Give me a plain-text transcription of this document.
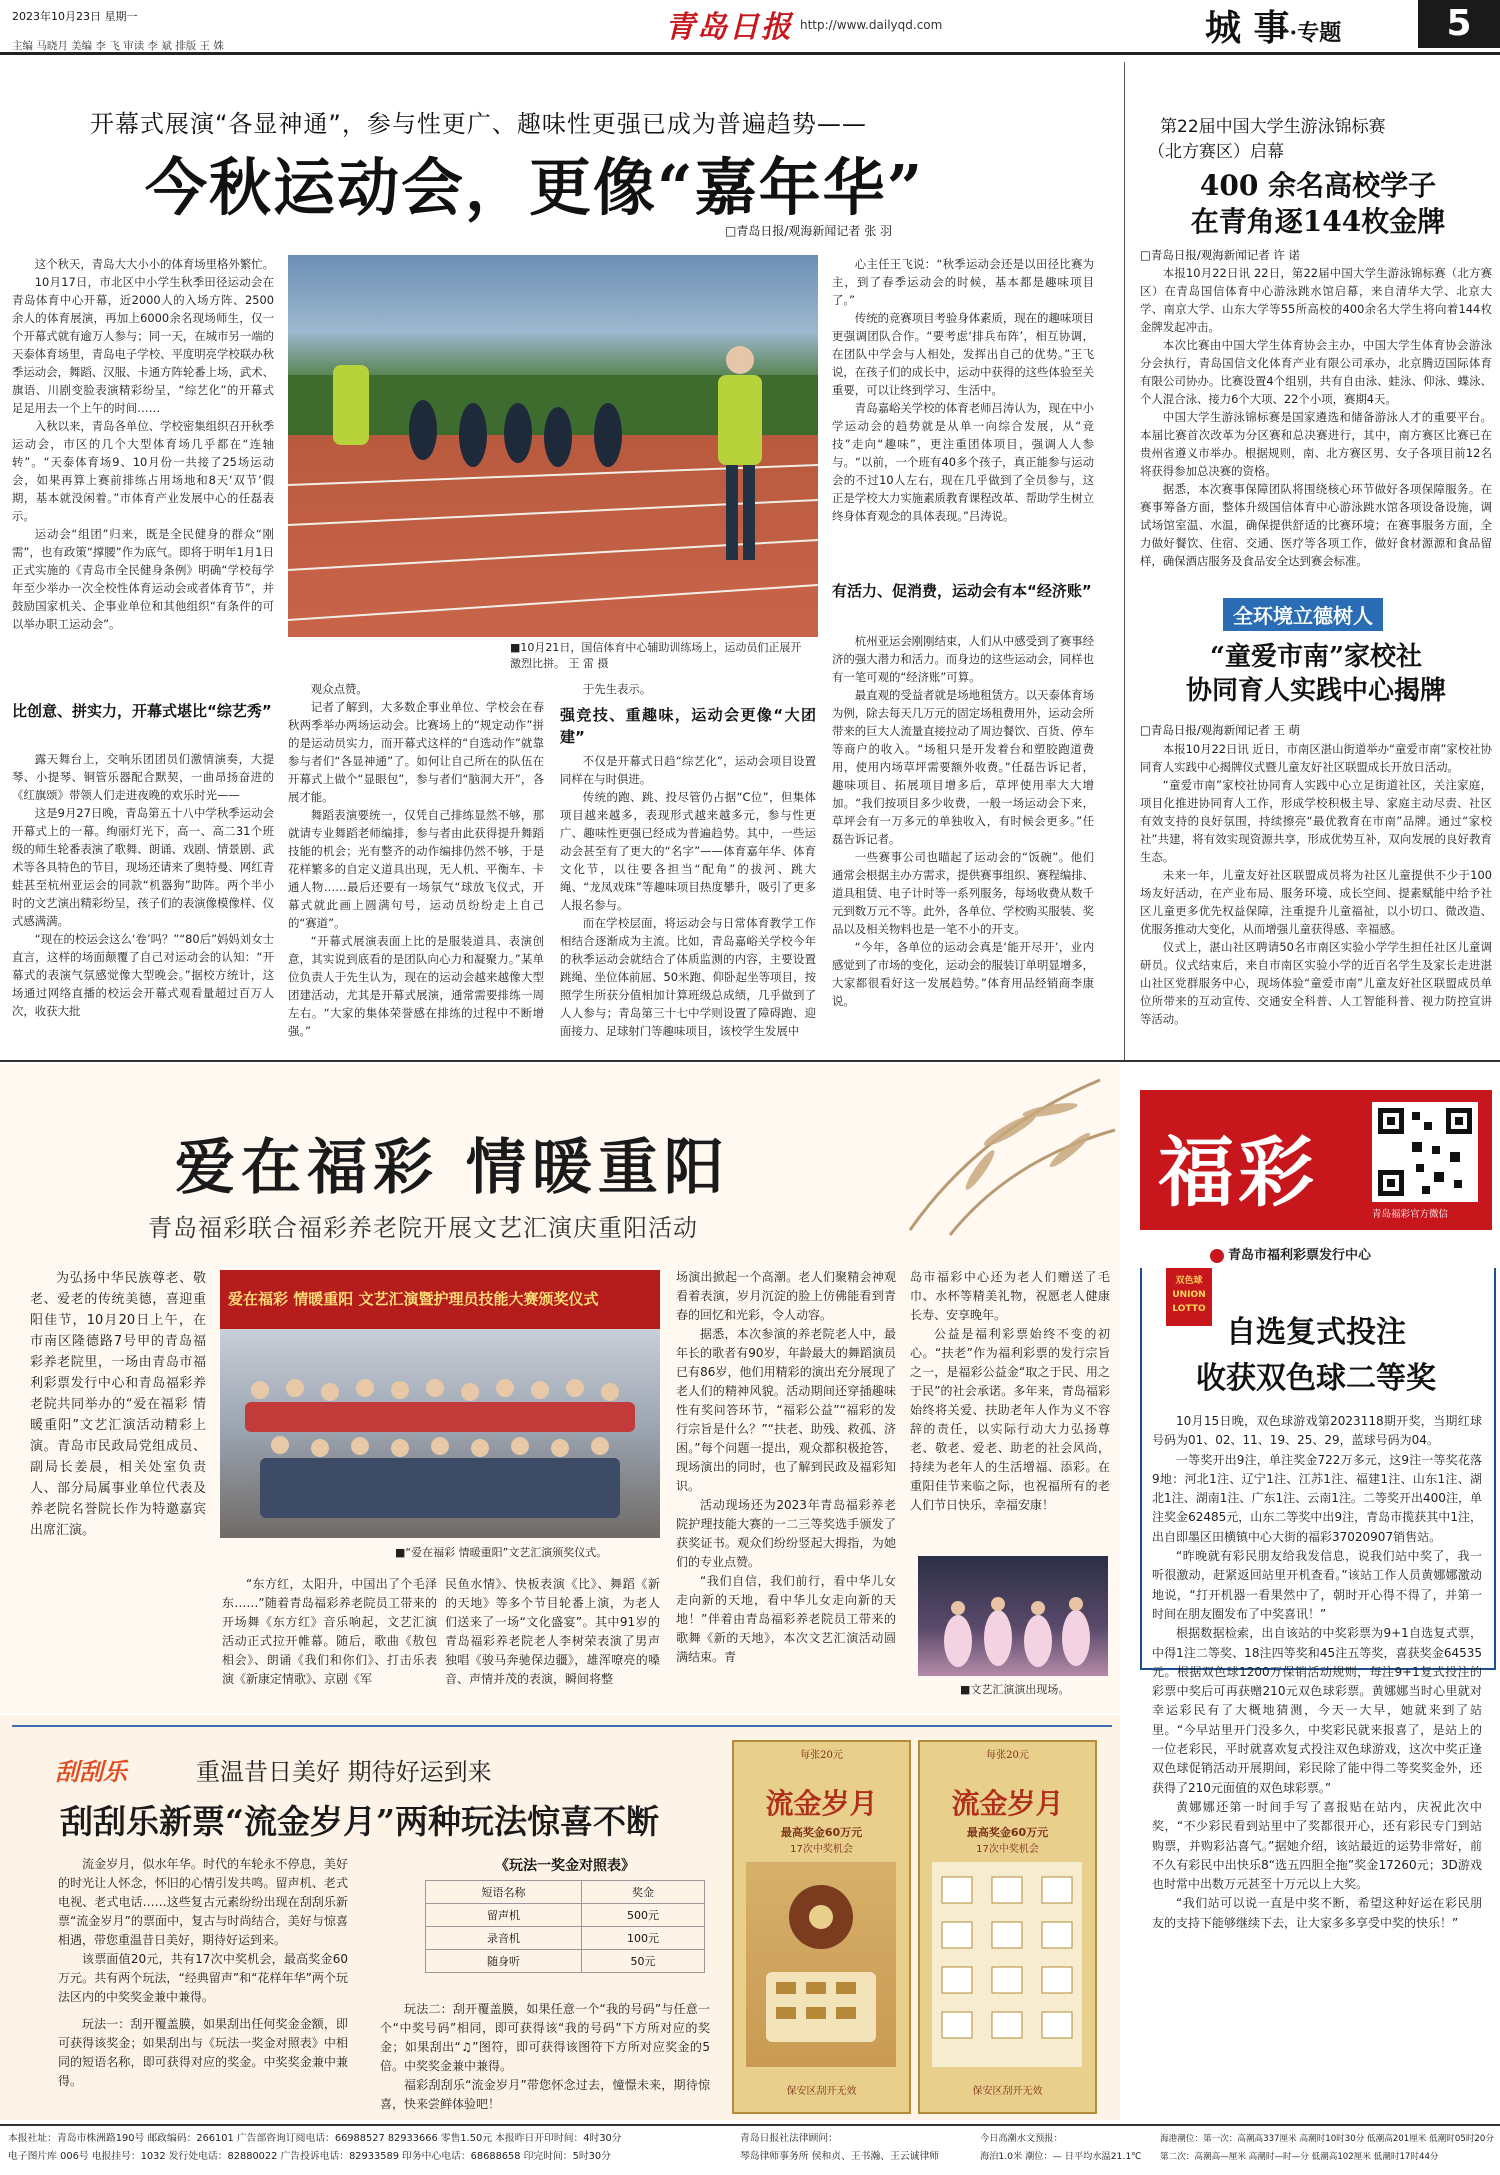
2023年10月23日 星期一
主编 马晓月 美编 李 飞 审读 李 斌 排版 王 姝
青岛日报 http://www.dailyqd.com	城 事·专题	5
开幕式展演“各显神通”，参与性更广、趣味性更强已成为普遍趋势——
今秋运动会，更像“嘉年华”
□青岛日报/观海新闻记者 张 羽

这个秋天，青岛大大小小的体育场里格外繁忙。

10月17日，市北区中小学生秋季田径运动会在青岛体育中心开幕，近2000人的入场方阵、2500余人的体育展演，再加上6000余名现场师生，仅一个开幕式就有逾万人参与；同一天，在城市另一端的天泰体育场里，青岛电子学校、平度明亮学校联办秋季运动会，舞蹈、汉服、卡通方阵轮番上场，武术、旗语、川剧变脸表演精彩纷呈，“综艺化”的开幕式足足用去一个上午的时间……

入秋以来，青岛各单位、学校密集组织召开秋季运动会，市区的几个大型体育场几乎都在“连轴转”。“天泰体育场9、10月份一共接了25场运动会，如果再算上赛前排练占用场地和8天‘双节’假期，基本就没闲着。”市体育产业发展中心的任磊表示。

运动会“组团”归来，既是全民健身的群众“刚需”，也有政策“撑腰”作为底气。即将于明年1月1日正式实施的《青岛市全民健身条例》明确“学校每学年至少举办一次全校性体育运动会或者体育节”，并鼓励国家机关、企事业单位和其他组织“有条件的可以举办职工运动会”。

比创意、拼实力，开幕式堪比“综艺秀”

露天舞台上，交响乐团团员们激情演奏，大提琴、小提琴、铜管乐器配合默契，一曲昂扬奋进的《红旗颂》带领人们走进夜晚的欢乐时光——

这是9月27日晚，青岛第五十八中学秋季运动会开幕式上的一幕。绚丽灯光下，高一、高二31个班级的师生轮番表演了歌舞、朗诵、戏剧、情景剧、武术等各具特色的节目，现场还请来了奥特曼、网红青蛙甚至杭州亚运会的同款“机器狗”助阵。两个半小时的文艺演出精彩纷呈，孩子们的表演像模像样、仪式感满满。

“现在的校运会这么‘卷’吗？”“80后”妈妈刘女士直言，这样的场面颠覆了自己对运动会的认知：“开幕式的表演气氛感觉像大型晚会。”据校方统计，这场通过网络直播的校运会开幕式观看量超过百万人次，收获大批

■10月21日，国信体育中心辅助训练场上，运动员们正展开激烈比拼。 王 雷 摄

观众点赞。

记者了解到，大多数企事业单位、学校会在春秋两季举办两场运动会。比赛场上的“规定动作”拼的是运动员实力，而开幕式这样的“自选动作”就靠参与者们“各显神通”了。如何让自己所在的队伍在开幕式上做个“显眼包”，参与者们“脑洞大开”，各展才能。

舞蹈表演要统一，仅凭自己排练显然不够，那就请专业舞蹈老师编排，参与者由此获得提升舞蹈技能的机会；光有整齐的动作编排仍然不够，于是花样繁多的自定义道具出现，无人机、平衡车、卡通人物……最后还要有一场氛气“球放飞仪式，开幕式就此画上圆满句号，运动员纷纷走上自己的“赛道”。

“开幕式展演表面上比的是服装道具、表演创意，其实说到底看的是团队向心力和凝聚力。”某单位负责人于先生认为，现在的运动会越来越像大型团建活动，尤其是开幕式展演，通常需要排练一周左右。“大家的集体荣誉感在排练的过程中不断增强。”

于先生表示。

强竞技、重趣味，运动会更像“大团建”

不仅是开幕式日趋“综艺化”，运动会项目设置同样在与时俱进。

传统的跑、跳、投尽管仍占据“C位”，但集体项目越来越多，表现形式越来越多元，参与性更广、趣味性更强已经成为普遍趋势。其中，一些运动会甚至有了更大的“名字”——体育嘉年华、体育文化节，以往要各担当“配角”的拔河、跳大绳、“龙凤戏珠”等趣味项目热度攀升，吸引了更多人报名参与。

而在学校层面，将运动会与日常体育教学工作相结合逐渐成为主流。比如，青岛嘉峪关学校今年的秋季运动会就结合了体质监测的内容，主要设置跳绳、坐位体前屈、50米跑、仰卧起坐等项目，按照学生所获分值相加计算班级总成绩，几乎做到了人人参与；青岛第三十七中学则设置了障碍跑、迎面接力、足球射门等趣味项目，该校学生发展中

心主任王飞说：“秋季运动会还是以田径比赛为主，到了春季运动会的时候，基本都是趣味项目了。”

传统的竞赛项目考验身体素质，现在的趣味项目更强调团队合作。“要考虑‘排兵布阵’，相互协调，在团队中学会与人相处，发挥出自己的优势。”王飞说，在孩子们的成长中，运动中获得的这些体验至关重要，可以让终到学习、生活中。

青岛嘉峪关学校的体育老师吕涛认为，现在中小学运动会的趋势就是从单一向综合发展，从“竞技”走向“趣味”，更注重团体项目，强调人人参与。“以前，一个班有40多个孩子，真正能参与运动会的不过10人左右，现在几乎做到了全员参与，这正是学校大力实施素质教育课程改革、帮助学生树立终身体育观念的具体表现。”吕涛说。

有活力、促消费，运动会有本“经济账”

杭州亚运会刚刚结束，人们从中感受到了赛事经济的强大潜力和活力。而身边的这些运动会，同样也有一笔可观的“经济账”可算。

最直观的受益者就是场地租赁方。以天泰体育场为例，除去每天几万元的固定场租费用外，运动会所带来的巨大人流量直接拉动了周边餐饮、百货、停车等商户的收入。“场租只是开发着台和塑胶跑道费用，使用内场草坪需要额外收费。”任磊告诉记者，趣味项目、拓展项目增多后，草坪使用率大大增加。“我们按项目多少收费，一般一场运动会下来，草坪会有一万多元的单独收入，有时候会更多。”任磊告诉记者。

一些赛事公司也瞄起了运动会的“饭碗”。他们通常会根据主办方需求，提供赛事组织、赛程编排、道具租赁、电子计时等一系列服务，每场收费从数千元到数万元不等。此外，各单位、学校购买服装、奖品以及相关物料也是一笔不小的开支。

“今年，各单位的运动会真是‘能开尽开’，业内感觉到了市场的变化，运动会的服装订单明显增多，大家都很看好这一发展趋势。”体育用品经销商李康说。

第22届中国大学生游泳锦标赛
（北方赛区）启幕
400 余名高校学子
在青角逐144枚金牌
□青岛日报/观海新闻记者 许 诺

本报10月22日讯 22日，第22届中国大学生游泳锦标赛（北方赛区）在青岛国信体育中心游泳跳水馆启幕，来自清华大学、北京大学、南京大学、山东大学等55所高校的400余名大学生将向着144枚金牌发起冲击。

本次比赛由中国大学生体育协会主办，中国大学生体育协会游泳分会执行，青岛国信文化体育产业有限公司承办，北京腾迈国际体育有限公司协办。比赛设置4个组别，共有自由泳、蛙泳、仰泳、蝶泳、个人混合泳、接力6个大项、22个小项，赛期4天。

中国大学生游泳锦标赛是国家遴选和储备游泳人才的重要平台。本届比赛首次改革为分区赛和总决赛进行，其中，南方赛区比赛已在贵州省遵义市举办。根据规则，南、北方赛区男、女子各项目前12名将获得参加总决赛的资格。

据悉，本次赛事保障团队将围绕核心环节做好各项保障服务。在赛事筹备方面，整体升级国信体育中心游泳跳水馆各项设备设施，调试场馆室温、水温，确保提供舒适的比赛环境；在赛事服务方面，全力做好餐饮、住宿、交通、医疗等各项工作，做好食材源源和食品留样，确保酒店服务及食品安全达到赛会标准。

全环境立德树人
“童爱市南”家校社
协同育人实践中心揭牌
□青岛日报/观海新闻记者 王 萌

本报10月22日讯 近日，市南区湛山街道举办“童爱市南”家校社协同育人实践中心揭牌仪式暨儿童友好社区联盟成长开放日活动。

“童爱市南”家校社协同育人实践中心立足街道社区，关注家庭，项目化推进协同育人工作，形成学校积极主导、家庭主动尽责、社区有效支持的良好氛围，持续擦亮“最优教育在市南”品牌。通过“家校社”共建，将有效实现资源共享，形成优势互补，双向发展的良好教育生态。

未来一年，儿童友好社区联盟成员将为社区儿童提供不少于100场友好活动，在产业布局、服务环境、成长空间、提素赋能中给予社区儿童更多优先权益保障，注重提升儿童福祉，以小切口、微改造、优服务推动大变化，从而增强儿童获得感、幸福感。

仪式上，湛山社区聘请50名市南区实验小学学生担任社区儿童调研员。仪式结束后，来自市南区实验小学的近百名学生及家长走进湛山社区党群服务中心，现场体验“童爱市南”儿童友好社区联盟成员单位所带来的互动宣传、交通安全科普、人工智能科普、视力防控宣讲等活动。

爱在福彩 情暖重阳
青岛福彩联合福彩养老院开展文艺汇演庆重阳活动

为弘扬中华民族尊老、敬老、爱老的传统美德，喜迎重阳佳节，10月20日上午，在市南区隆德路7号甲的青岛福彩养老院里，一场由青岛市福利彩票发行中心和青岛福彩养老院共同举办的“爱在福彩 情暖重阳”文艺汇演活动精彩上演。青岛市民政局党组成员、副局长姜晨，相关处室负责人、部分局属事业单位代表及养老院名誉院长作为特邀嘉宾出席汇演。

爱在福彩 情暖重阳 文艺汇演暨护理员技能大赛颁奖仪式
■“爱在福彩 情暖重阳”文艺汇演颁奖仪式。

“东方红，太阳升，中国出了个毛泽东……”随着青岛福彩养老院员工带来的开场舞《东方红》音乐响起，文艺汇演活动正式拉开帷幕。随后，歌曲《敖包相会》、朗诵《我们和你们》、打击乐表演《新康定情歌》、京剧《军

民鱼水情》、快板表演《比》、舞蹈《新的天地》等多个节目轮番上演，为老人们送来了一场“文化盛宴”。其中91岁的青岛福彩养老院老人李树荣表演了男声独唱《骏马奔驰保边疆》，雄浑嘹亮的嗓音、声情并茂的表演，瞬间将整

场演出掀起一个高潮。老人们聚精会神观看着表演，岁月沉淀的脸上仿佛能看到青春的回忆和光彩，令人动容。

据悉，本次参演的养老院老人中，最年长的歌者有90岁，年龄最大的舞蹈演员已有86岁，他们用精彩的演出充分展现了老人们的精神风貌。活动期间还穿插趣味性有奖问答环节，“福彩公益”“福彩的发行宗旨是什么？”“扶老、助残、救孤、济困。”每个问题一提出，观众都积极抢答，现场演出的同时，也了解到民政及福彩知识。

活动现场还为2023年青岛福彩养老院护理技能大赛的一二三等奖选手颁发了获奖证书。观众们纷纷竖起大拇指，为她们的专业点赞。

“我们自信，我们前行，看中华儿女走向新的天地，看中华儿女走向新的天地！”伴着由青岛福彩养老院员工带来的歌舞《新的天地》，本次文艺汇演活动圆满结束。青

岛市福彩中心还为老人们赠送了毛巾、水杯等精美礼物，祝愿老人健康长寿、安享晚年。

公益是福利彩票始终不变的初心。“扶老”作为福利彩票的发行宗旨之一，是福彩公益金“取之于民、用之于民”的社会承诺。多年来，青岛福彩始终将关爱、扶助老年人作为义不容辞的责任，以实际行动大力弘扬尊老、敬老、爱老、助老的社会风尚，持续为老年人的生活增福、添彩。在重阳佳节来临之际，也祝福所有的老人们节日快乐，幸福安康！

■文艺汇演演出现场。
福彩	青岛福彩官方微信
青岛市福利彩票发行中心
双色球 UNION LOTTO
自选复式投注
收获双色球二等奖

10月15日晚，双色球游戏第2023118期开奖，当期红球号码为01、02、11、19、25、29，蓝球号码为04。

一等奖开出9注，单注奖金722万多元，这9注一等奖花落9地：河北1注、辽宁1注、江苏1注、福建1注、山东1注、湖北1注、湖南1注、广东1注、云南1注。二等奖开出400注，单注奖金62485元，山东二等奖中出9注，青岛市揽获其中1注，出自即墨区田横镇中心大街的福彩37020907销售站。

“昨晚就有彩民朋友给我发信息，说我们站中奖了，我一听很激动，赶紧返回站里开机查看。”该站工作人员黄娜娜激动地说，“打开机器一看果然中了，朝时开心得不得了，并第一时间在朋友圈发布了中奖喜讯！”

根据数据检索，出自该站的中奖彩票为9+1自选复式票，中得1注二等奖、18注四等奖和45注五等奖，喜获奖金64535元。根据双色球1200万保销活动规则，每注9+1复式投注的彩票中奖后可再获赠210元双色球彩票。黄娜娜当时心里就对幸运彩民有了大概地猜测，今天一大早，她就来到了站里。“今早站里开门没多久，中奖彩民就来报喜了，是站上的一位老彩民，平时就喜欢复式投注双色球游戏，这次中奖正逢双色球促销活动开展期间，彩民除了能中得二等奖奖金外，还获得了210元面值的双色球彩票。”

黄娜娜还第一时间手写了喜报贴在站内，庆祝此次中奖，“不少彩民看到站里中了奖都很开心，还有彩民专门到站购票，并购彩沾喜气。”据她介绍，该站最近的运势非常好，前不久有彩民中出快乐8“选五四胆全拖”奖金17260元；3D游戏也时常中出数万元甚至十万元以上大奖。

“我们站可以说一直是中奖不断，希望这种好运在彩民朋友的支持下能够继续下去，让大家多多享受中奖的快乐！”

刮刮乐	重温昔日美好 期待好运到来
刮刮乐新票“流金岁月”两种玩法惊喜不断

流金岁月，似水年华。时代的车轮永不停息，美好的时光让人怀念，怀旧的心情引发共鸣。留声机、老式电视、老式电话……这些复古元素纷纷出现在刮刮乐新票“流金岁月”的票面中，复古与时尚结合，美好与惊喜相遇，带您重温昔日美好，期待好运到来。

该票面值20元，共有17次中奖机会，最高奖金60万元。共有两个玩法，“经典留声”和“花样年华”两个玩法区内的中奖奖金兼中兼得。

玩法一：刮开覆盖膜，如果刮出任何奖金金额，即可获得该奖金；如果刮出与《玩法一奖金对照表》中相同的短语名称，即可获得对应的奖金。中奖奖金兼中兼得。

《玩法一奖金对照表》
短语名称	奖金
留声机	500元
录音机	100元
随身听	50元

玩法二：刮开覆盖膜，如果任意一个“我的号码”与任意一个“中奖号码”相同，即可获得该“我的号码”下方所对应的奖金；如果刮出“♫”图符，即可获得该图符下方所对应奖金的5倍。中奖奖金兼中兼得。

福彩刮刮乐“流金岁月”带您怀念过去，憧憬未来，期待惊喜，快来尝鲜体验吧！

每张20元
流金岁月
最高奖金60万元
17次中奖机会
保安区刮开无效
每张20元
流金岁月
最高奖金60万元
17次中奖机会
保安区刮开无效
本报社址：青岛市株洲路190号 邮政编码：266101 广告部咨询订阅电话：66988527 82933666 零售1.50元 本报昨日开印时间：4时30分
电子图片库 006号 电报挂号：1032 发行处电话：82880022 广告投诉电话：82933589 印务中心电话：68688658 印完时间：5时30分
青岛日报社法律顾问：
琴岛律师事务所 侯和贞、王书瀚、王云诚律师
今日高潮水文预报：
海泊1.0米 潮位：— 日平均水温21.1℃
海港潮位：第一次：高潮高337厘米 高潮时10时30分 低潮高201厘米 低潮时05时20分
第二次：高潮高—厘米 高潮时—时—分 低潮高102厘米 低潮时17时44分
